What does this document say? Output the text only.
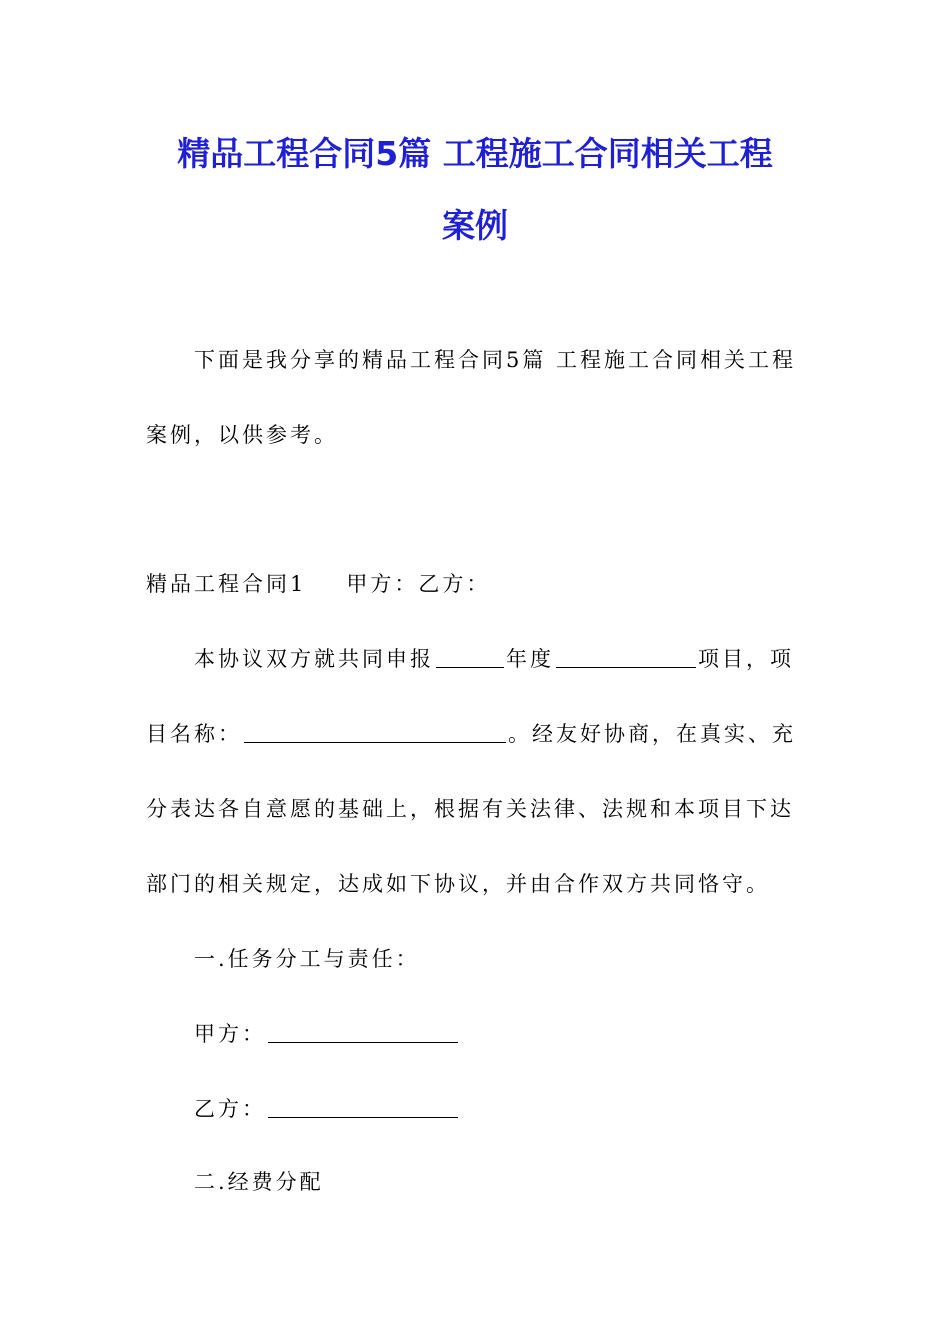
精品工程合同5篇 工程施工合同相关工程
案例
下面是我分享的精品工程合同5篇 工程施工合同相关工程
案例，以供参考。
精品工程合同1 甲方：乙方：
本协议双方就共同申报	年度	项目，项
目名称：	。经友好协商，在真实、充
分表达各自意愿的基础上，根据有关法律、法规和本项目下达
部门的相关规定，达成如下协议，并由合作双方共同恪守。
一.任务分工与责任：
甲方：
乙方：
二.经费分配
